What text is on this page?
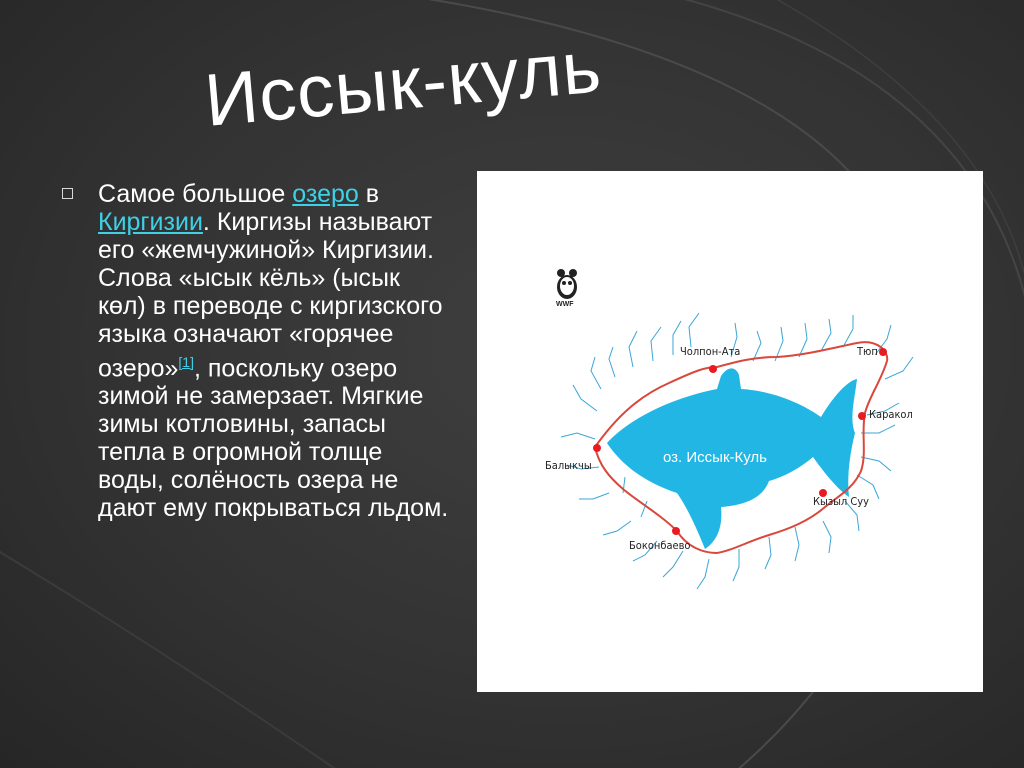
Иссык-куль
Самое большое озеро в Киргизии. Киргизы называют его «жемчужиной» Киргизии. Слова «ысык кёль» (ысык көл) в переводе с киргизского языка означают «горячее озеро»[1], поскольку озеро зимой не замерзает. Мягкие зимы котловины, запасы тепла в огромной толще воды, солёность озера не дают ему покрываться льдом.
WWF
оз. Иссык-Куль
Чолпон-Ата	Тюп
Каракол
Кызыл Суу
Боконбаево
Балыкчы
